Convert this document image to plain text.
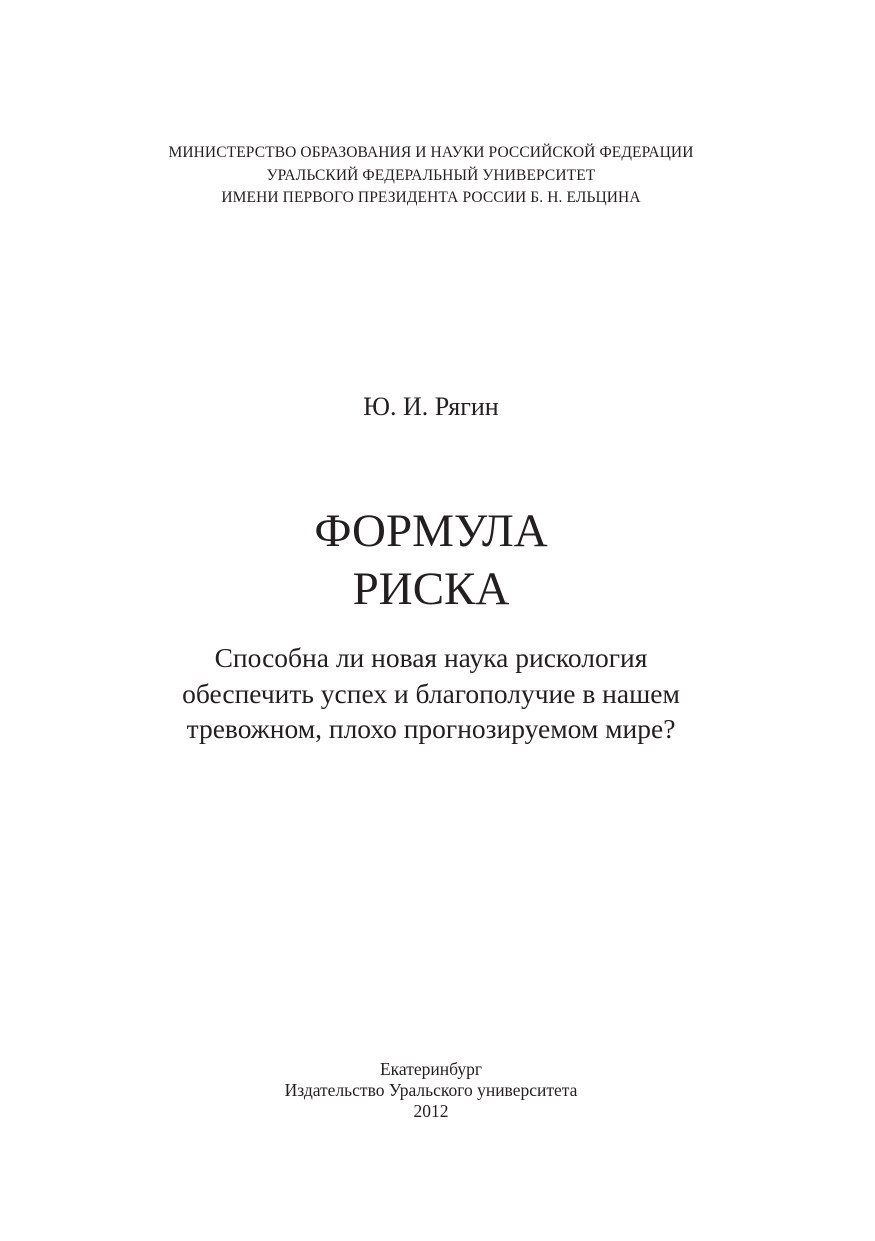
МИНИСТЕРСТВО ОБРАЗОВАНИЯ И НАУКИ РОССИЙСКОЙ ФЕДЕРАЦИИ
УРАЛЬСКИЙ ФЕДЕРАЛЬНЫЙ УНИВЕРСИТЕТ
ИМЕНИ ПЕРВОГО ПРЕЗИДЕНТА РОССИИ Б. Н. ЕЛЬЦИНА
Ю. И. Рягин
ФОРМУЛА
РИСКА
Способна ли новая наука рискология
обеспечить успех и благополучие в нашем
тревожном, плохо прогнозируемом мире?
Екатеринбург
Издательство Уральского университета
2012
